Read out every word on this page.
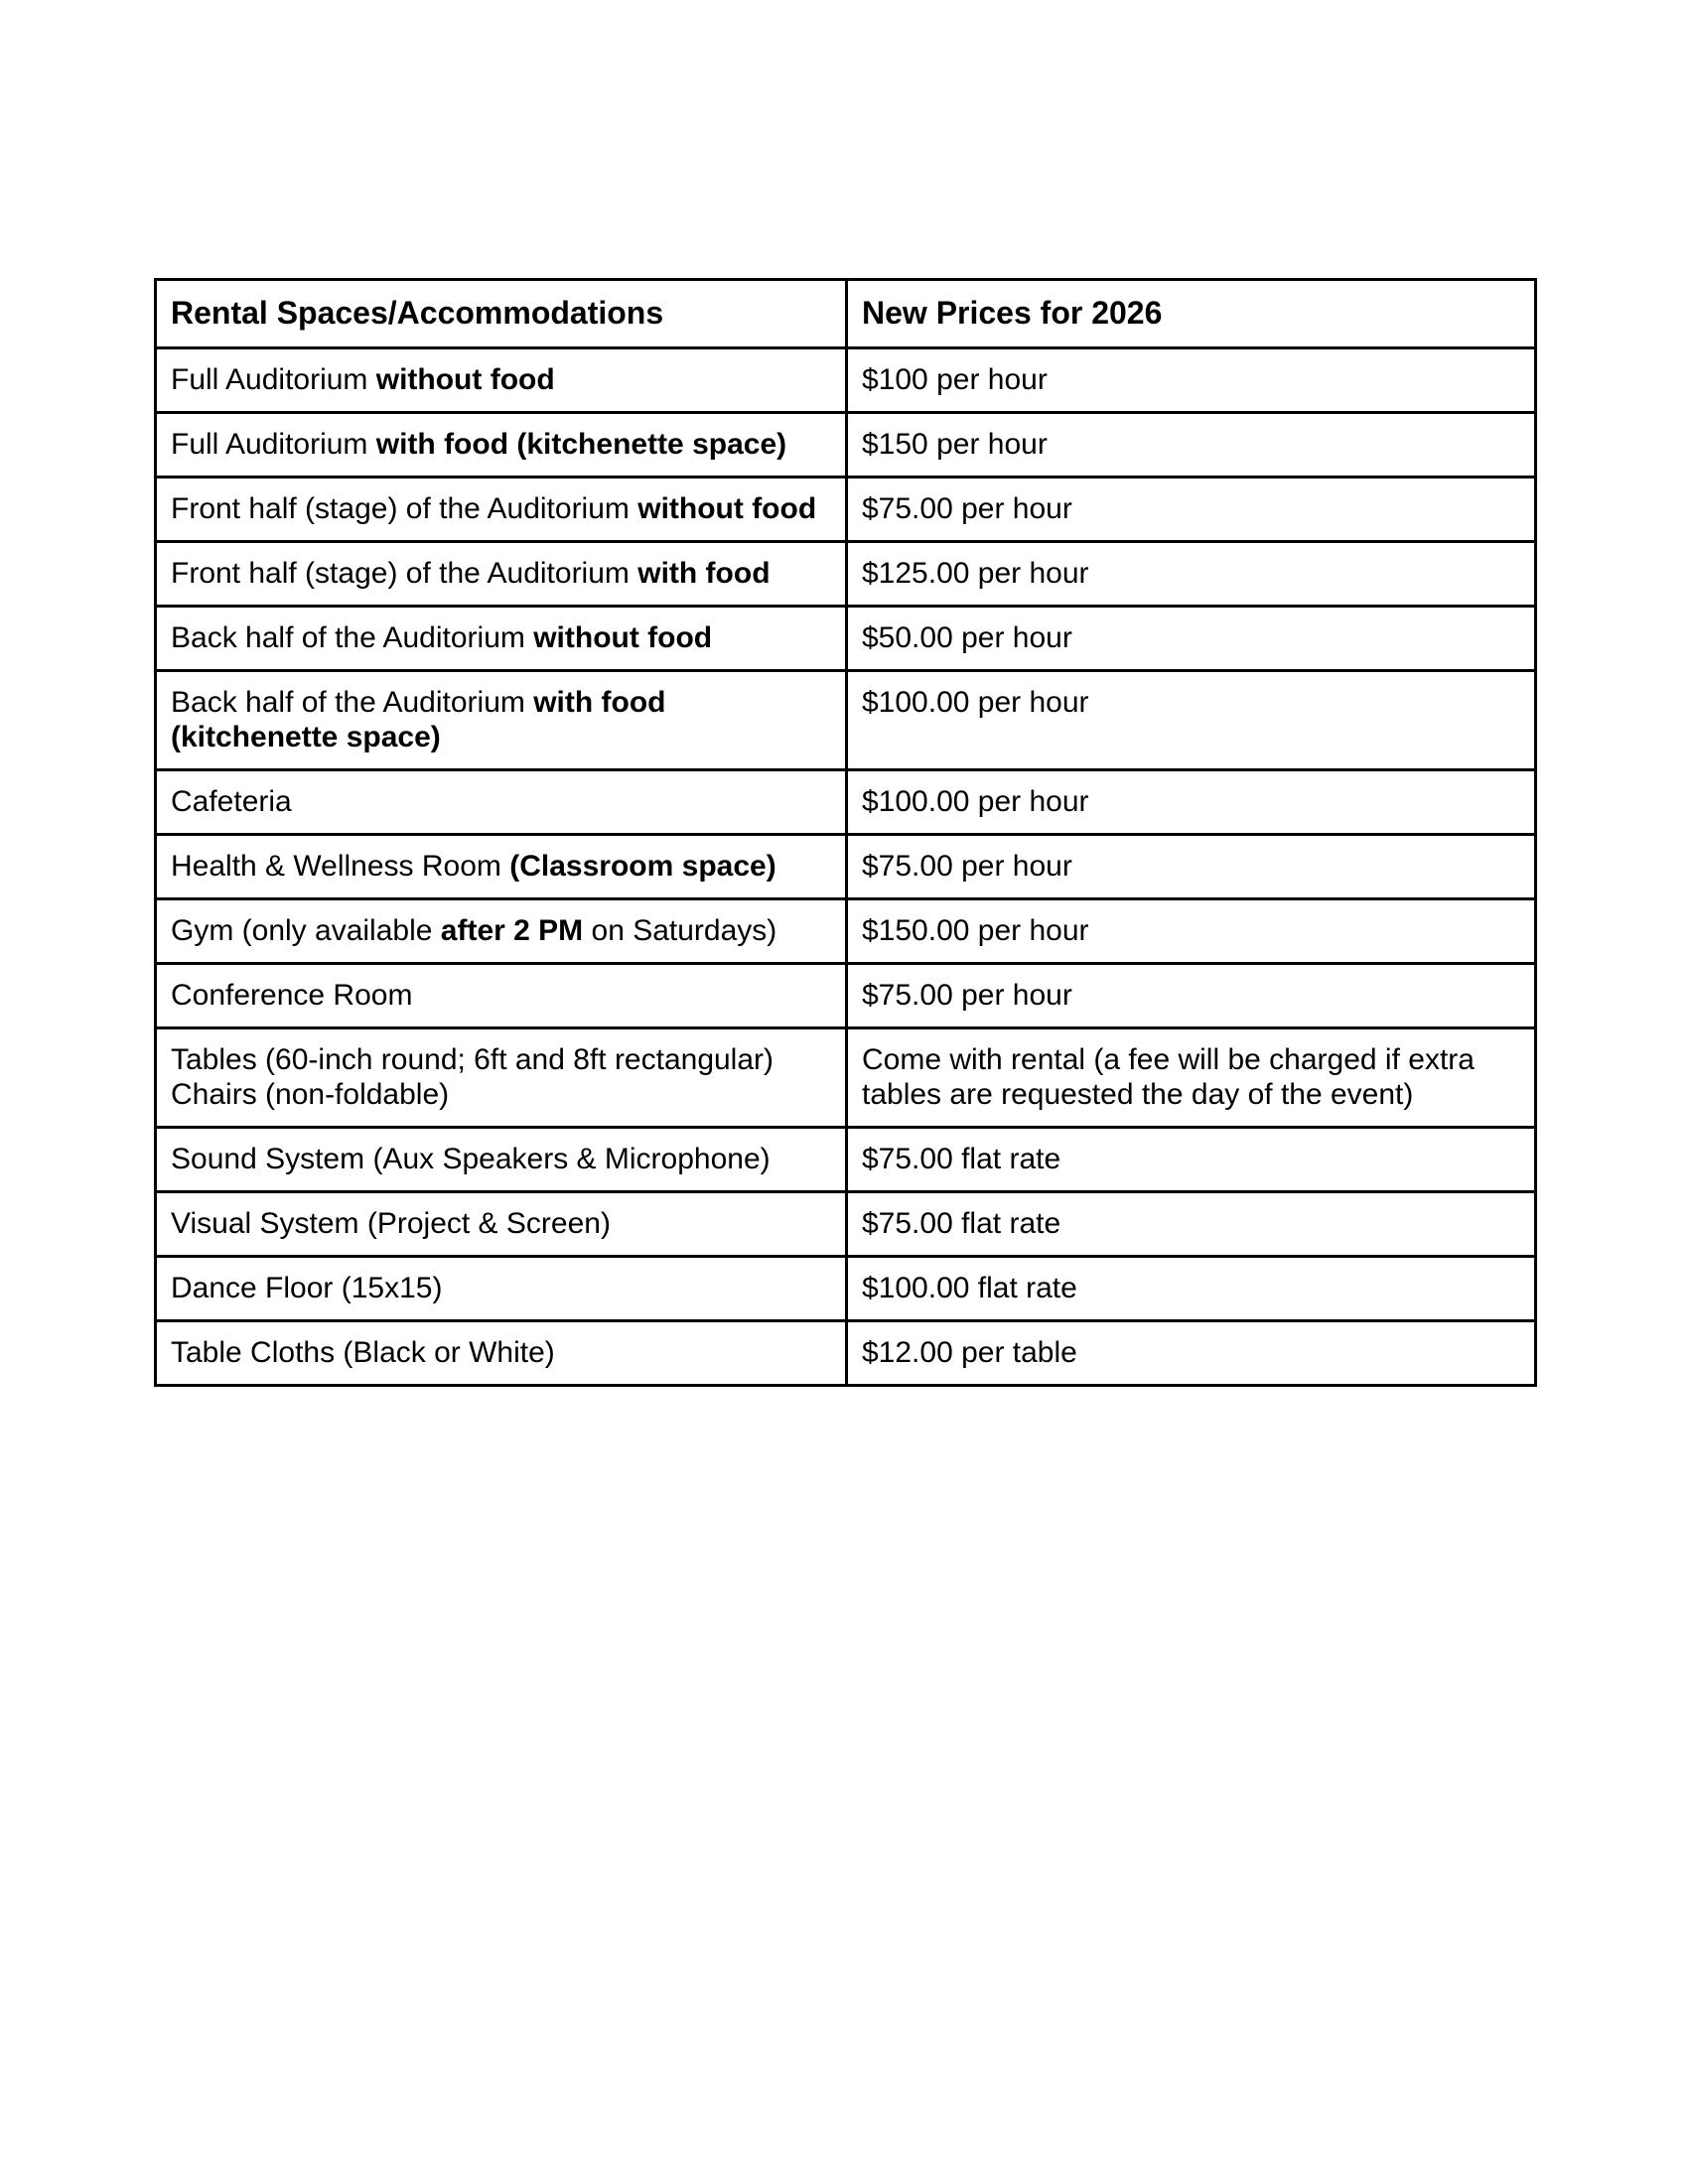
Rental Spaces/Accommodations	New Prices for 2026
Full Auditorium without food	$100 per hour
Full Auditorium with food (kitchenette space)	$150 per hour
Front half (stage) of the Auditorium without food	$75.00 per hour
Front half (stage) of the Auditorium with food	$125.00 per hour
Back half of the Auditorium without food	$50.00 per hour
Back half of the Auditorium with food
(kitchenette space)	$100.00 per hour
Cafeteria	$100.00 per hour
Health & Wellness Room (Classroom space)	$75.00 per hour
Gym (only available after 2 PM on Saturdays)	$150.00 per hour
Conference Room	$75.00 per hour

Tables (60-inch round; 6ft and 8ft rectangular)
Chairs (non-foldable)	Come with rental (a fee will be charged if extra
tables are requested the day of the event)

Sound System (Aux Speakers & Microphone)	$75.00 flat rate
Visual System (Project & Screen)	$75.00 flat rate
Dance Floor (15x15)	$100.00 flat rate
Table Cloths (Black or White)	$12.00 per table
